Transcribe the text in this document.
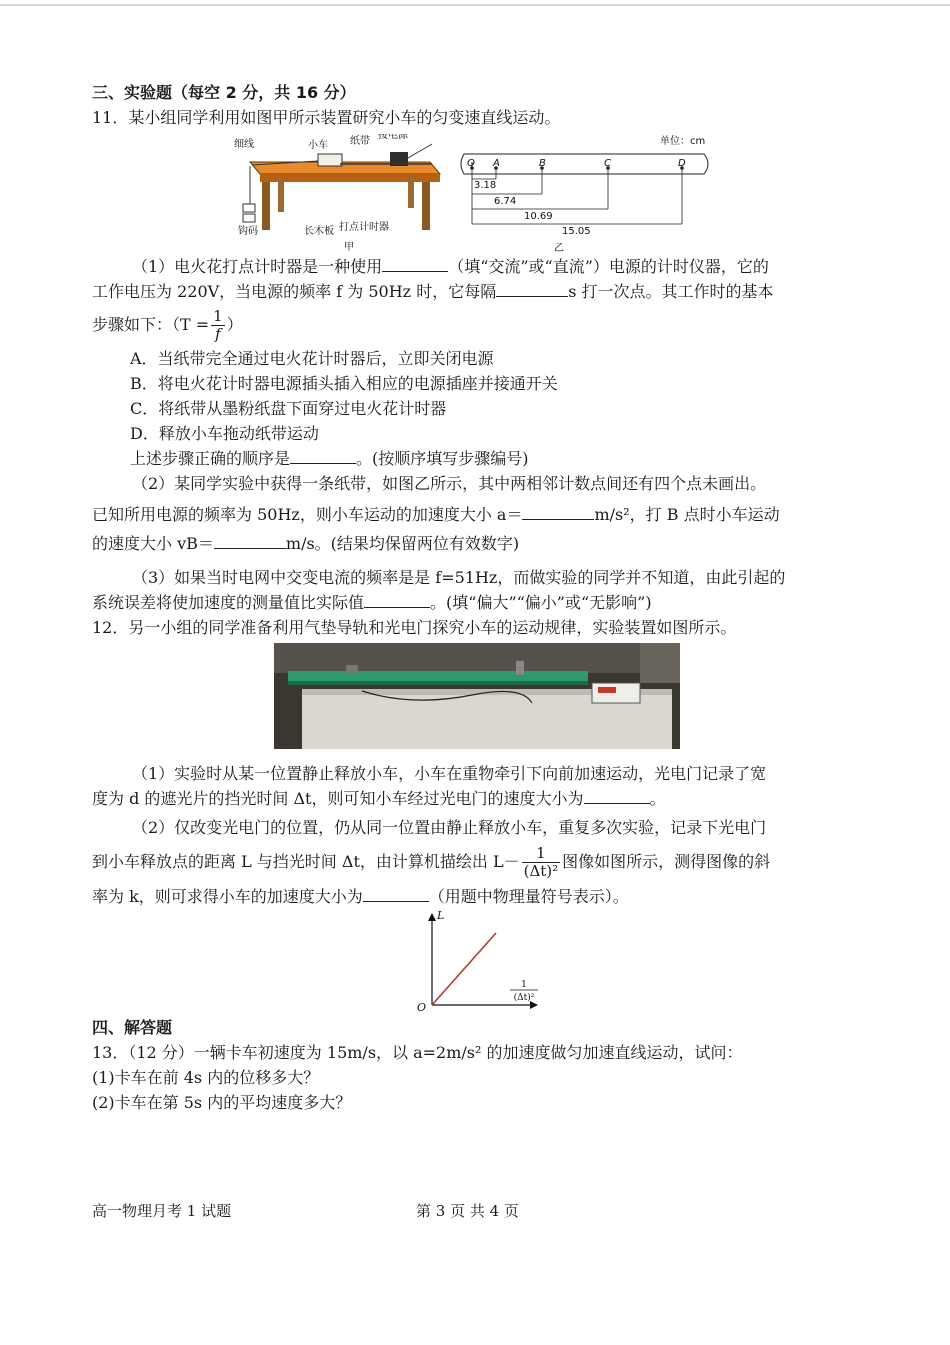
三、实验题（每空 2 分，共 16 分）

11．某小组同学利用如图甲所示装置研究小车的匀变速直线运动。

细线	小车 纸带
接电源
钩码	长木板 打点计时器
甲
单位：cm
O A	B	C	D
3.18
6.74
10.69
15.05
乙

（1）电火花打点计时器是一种使用	（填“交流”或“直流”）电源的计时仪器，它的

工作电压为 220V，当电源的频率 f 为 50Hz 时，它每隔	s 打一次点。其工作时的基本

步骤如下：（$T = \frac{1}{f}$ ）

A．当纸带完全通过电火花计时器后，立即关闭电源

B．将电火花计时器电源插头插入相应的电源插座并接通开关

C．将纸带从墨粉纸盘下面穿过电火花计时器

D．释放小车拖动纸带运动

上述步骤正确的顺序是	。(按顺序填写步骤编号)

（2）某同学实验中获得一条纸带，如图乙所示，其中两相邻计数点间还有四个点未画出。

已知所用电源的频率为 50Hz，则小车运动的加速度大小 a＝	m/s²，打 B 点时小车运动

的速度大小 vB＝	m/s。(结果均保留两位有效数字)

（3）如果当时电网中交变电流的频率是是 f=51Hz，而做实验的同学并不知道，由此引起的

系统误差将使加速度的测量值比实际值	。(填“偏大”“偏小”或“无影响”)

12．另一小组的同学准备利用气垫导轨和光电门探究小车的运动规律，实验装置如图所示。

（1）实验时从某一位置静止释放小车，小车在重物牵引下向前加速运动，光电门记录了宽

度为 d 的遮光片的挡光时间 Δt，则可知小车经过光电门的速度大小为	。

（2）仅改变光电门的位置，仍从同一位置由静止释放小车，重复多次实验，记录下光电门

到小车释放点的距离 L 与挡光时间 Δt，由计算机描绘出 $L- \frac{1}{\text{(Δt)²}}$ 图像如图所示，测得图像的斜

率为 k，则可求得小车的加速度大小为	（用题中物理量符号表示）。

L
O
1
(Δt)²

四、解答题

13．（12 分）一辆卡车初速度为 15m/s，以 a=2m/s² 的加速度做匀加速直线运动，试问：

(1)卡车在前 4s 内的位移多大？

(2)卡车在第 5s 内的平均速度多大？

高一物理月考 1 试题	第 3 页 共 4 页
